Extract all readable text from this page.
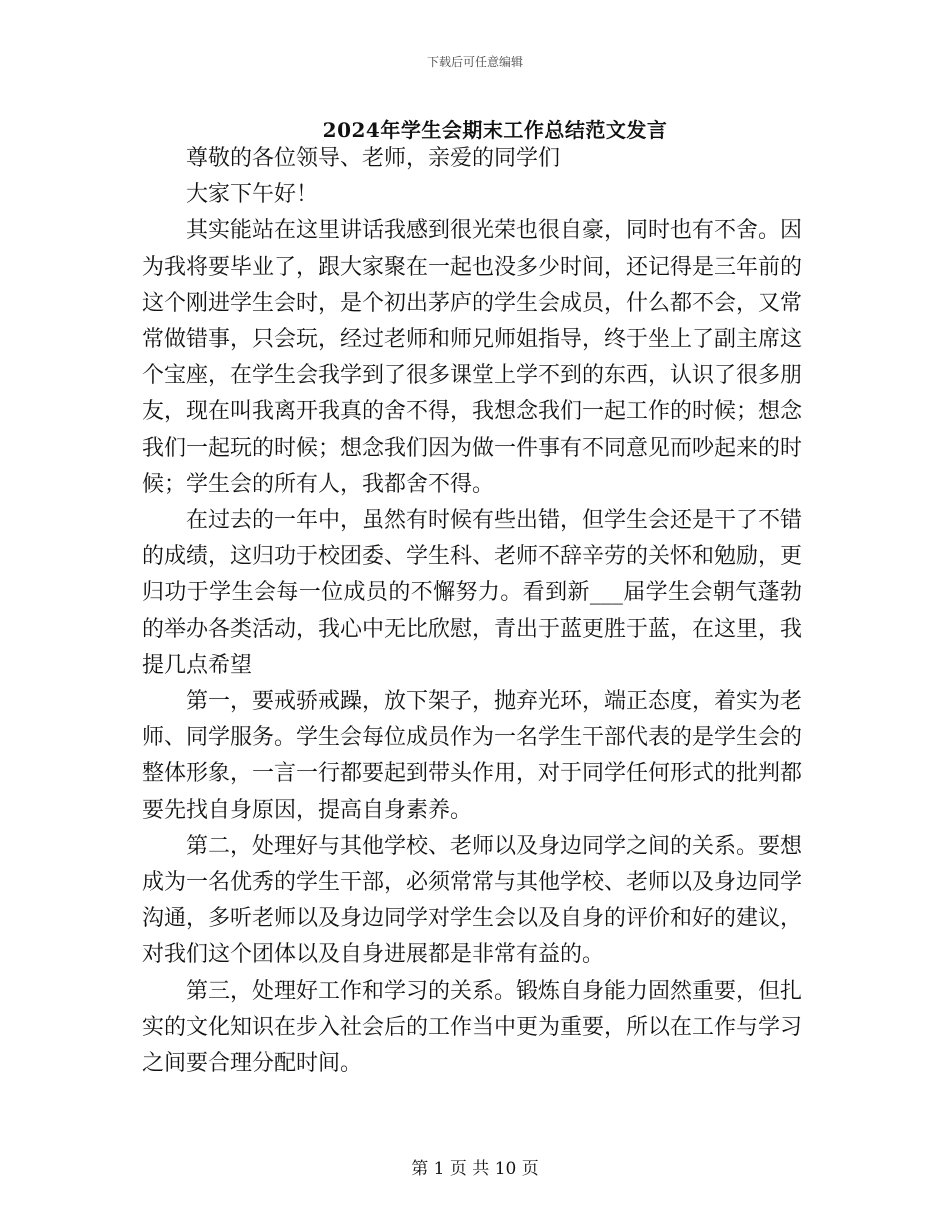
下载后可任意编辑
2024年学生会期末工作总结范文发言

尊敬的各位领导、老师，亲爱的同学们

大家下午好！

其实能站在这里讲话我感到很光荣也很自豪，同时也有不舍。因为我将要毕业了，跟大家聚在一起也没多少时间，还记得是三年前的这个刚进学生会时，是个初出茅庐的学生会成员，什么都不会，又常常做错事，只会玩，经过老师和师兄师姐指导，终于坐上了副主席这个宝座，在学生会我学到了很多课堂上学不到的东西，认识了很多朋友，现在叫我离开我真的舍不得，我想念我们一起工作的时候；想念我们一起玩的时候；想念我们因为做一件事有不同意见而吵起来的时候；学生会的所有人，我都舍不得。

在过去的一年中，虽然有时候有些出错，但学生会还是干了不错的成绩，这归功于校团委、学生科、老师不辞辛劳的关怀和勉励，更归功于学生会每一位成员的不懈努力。看到新___届学生会朝气蓬勃的举办各类活动，我心中无比欣慰，青出于蓝更胜于蓝，在这里，我提几点希望

第一，要戒骄戒躁，放下架子，抛弃光环，端正态度，着实为老师、同学服务。学生会每位成员作为一名学生干部代表的是学生会的整体形象，一言一行都要起到带头作用，对于同学任何形式的批判都要先找自身原因，提高自身素养。

第二，处理好与其他学校、老师以及身边同学之间的关系。要想成为一名优秀的学生干部，必须常常与其他学校、老师以及身边同学沟通，多听老师以及身边同学对学生会以及自身的评价和好的建议，对我们这个团体以及自身进展都是非常有益的。

第三，处理好工作和学习的关系。锻炼自身能力固然重要，但扎实的文化知识在步入社会后的工作当中更为重要，所以在工作与学习之间要合理分配时间。

第 1 页 共 10 页
